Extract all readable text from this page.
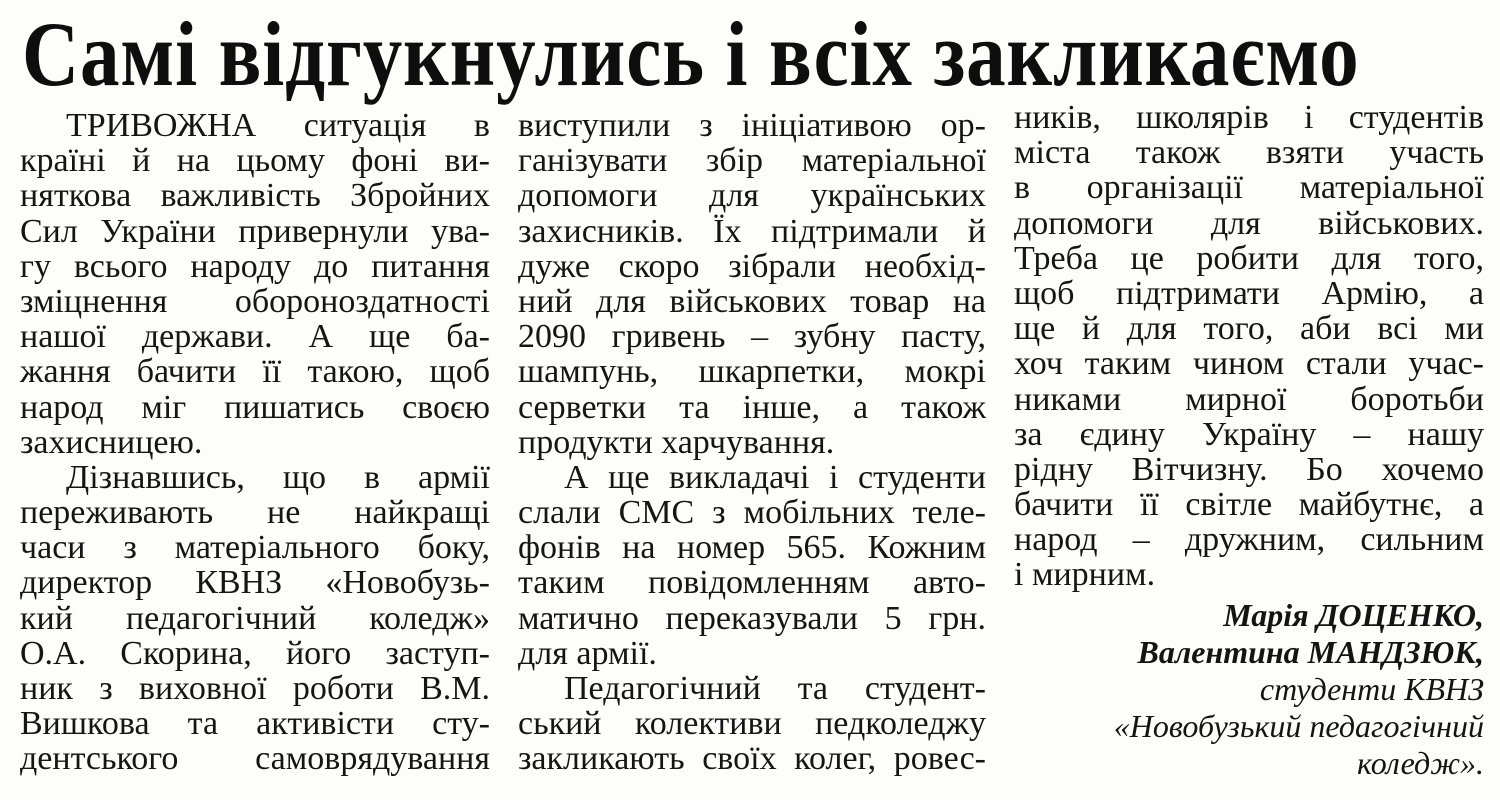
Самі відгукнулись і всіх закликаємо
ТРИВОЖНА ситуація в
країні й на цьому фоні ви-
няткова важливість Збройних
Сил України привернули ува-
гу всього народу до питання
зміцнення обороноздатності
нашої держави. А ще ба-
жання бачити її такою, щоб
народ міг пишатись своєю
захисницею.
Дізнавшись, що в армії
переживають не найкращі
часи з матеріального боку,
директор КВНЗ «Новобузь-
кий педагогічний коледж»
О.А. Скорина, його заступ-
ник з виховної роботи В.М.
Вишкова та активісти сту-
дентського самоврядування
виступили з ініціативою ор-
ганізувати збір матеріальної
допомоги для українських
захисників. Їх підтримали й
дуже скоро зібрали необхід-
ний для військових товар на
2090 гривень – зубну пасту,
шампунь, шкарпетки, мокрі
серветки та інше, а також
продукти харчування.
А ще викладачі і студенти
слали СМС з мобільних теле-
фонів на номер 565. Кожним
таким повідомленням авто-
матично переказували 5 грн.
для армії.
Педагогічний та студент-
ський колективи педколеджу
закликають своїх колег, ровес-
ників, школярів і студентів
міста також взяти участь
в організації матеріальної
допомоги для військових.
Треба це робити для того,
щоб підтримати Армію, а
ще й для того, аби всі ми
хоч таким чином стали учас-
никами мирної боротьби
за єдину Україну – нашу
рідну Вітчизну. Бо хочемо
бачити її світле майбутнє, а
народ – дружним, сильним
і мирним.
Марія ДОЦЕНКО,
Валентина МАНДЗЮК,
студенти КВНЗ
«Новобузький педагогічний
коледж».
